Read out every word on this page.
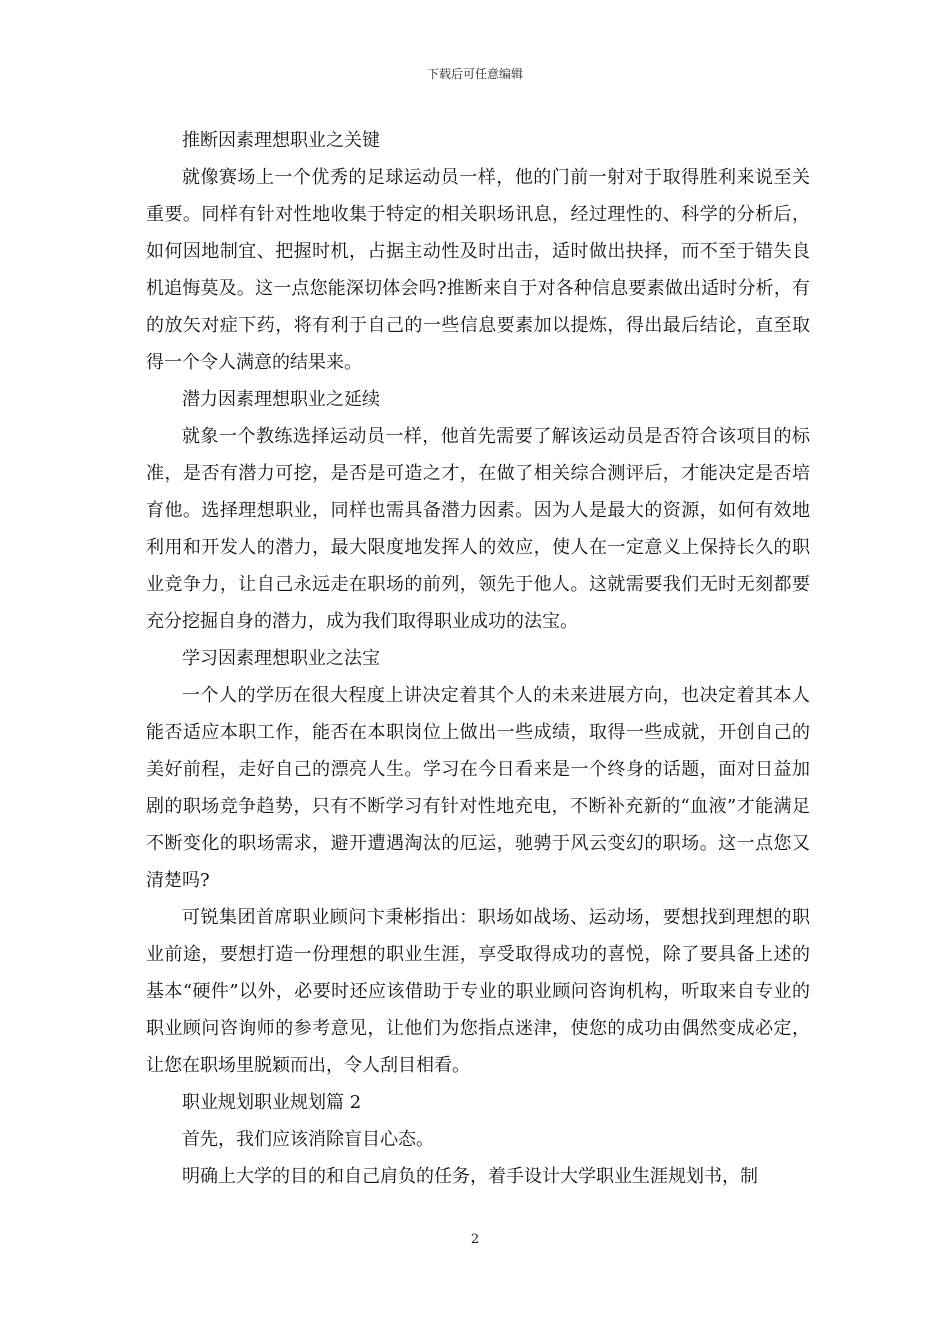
下载后可任意编辑

推断因素理想职业之关键

就像赛场上一个优秀的足球运动员一样，他的门前一射对于取得胜利来说至关重要。同样有针对性地收集于特定的相关职场讯息，经过理性的、科学的分析后，如何因地制宜、把握时机，占据主动性及时出击，适时做出抉择，而不至于错失良机追悔莫及。这一点您能深切体会吗?推断来自于对各种信息要素做出适时分析，有的放矢对症下药，将有利于自己的一些信息要素加以提炼，得出最后结论，直至取得一个令人满意的结果来。

潜力因素理想职业之延续

就象一个教练选择运动员一样，他首先需要了解该运动员是否符合该项目的标准，是否有潜力可挖，是否是可造之才，在做了相关综合测评后，才能决定是否培育他。选择理想职业，同样也需具备潜力因素。因为人是最大的资源，如何有效地利用和开发人的潜力，最大限度地发挥人的效应，使人在一定意义上保持长久的职业竞争力，让自己永远走在职场的前列，领先于他人。这就需要我们无时无刻都要充分挖掘自身的潜力，成为我们取得职业成功的法宝。

学习因素理想职业之法宝

一个人的学历在很大程度上讲决定着其个人的未来进展方向，也决定着其本人能否适应本职工作，能否在本职岗位上做出一些成绩，取得一些成就，开创自己的美好前程，走好自己的漂亮人生。学习在今日看来是一个终身的话题，面对日益加剧的职场竞争趋势，只有不断学习有针对性地充电，不断补充新的“血液”才能满足不断变化的职场需求，避开遭遇淘汰的厄运，驰骋于风云变幻的职场。这一点您又清楚吗?

可锐集团首席职业顾问卞秉彬指出：职场如战场、运动场，要想找到理想的职业前途，要想打造一份理想的职业生涯，享受取得成功的喜悦，除了要具备上述的基本“硬件”以外，必要时还应该借助于专业的职业顾问咨询机构，听取来自专业的职业顾问咨询师的参考意见，让他们为您指点迷津，使您的成功由偶然变成必定，让您在职场里脱颖而出，令人刮目相看。

职业规划职业规划篇 2

首先，我们应该消除盲目心态。

明确上大学的目的和自己肩负的任务，着手设计大学职业生涯规划书，制

2
